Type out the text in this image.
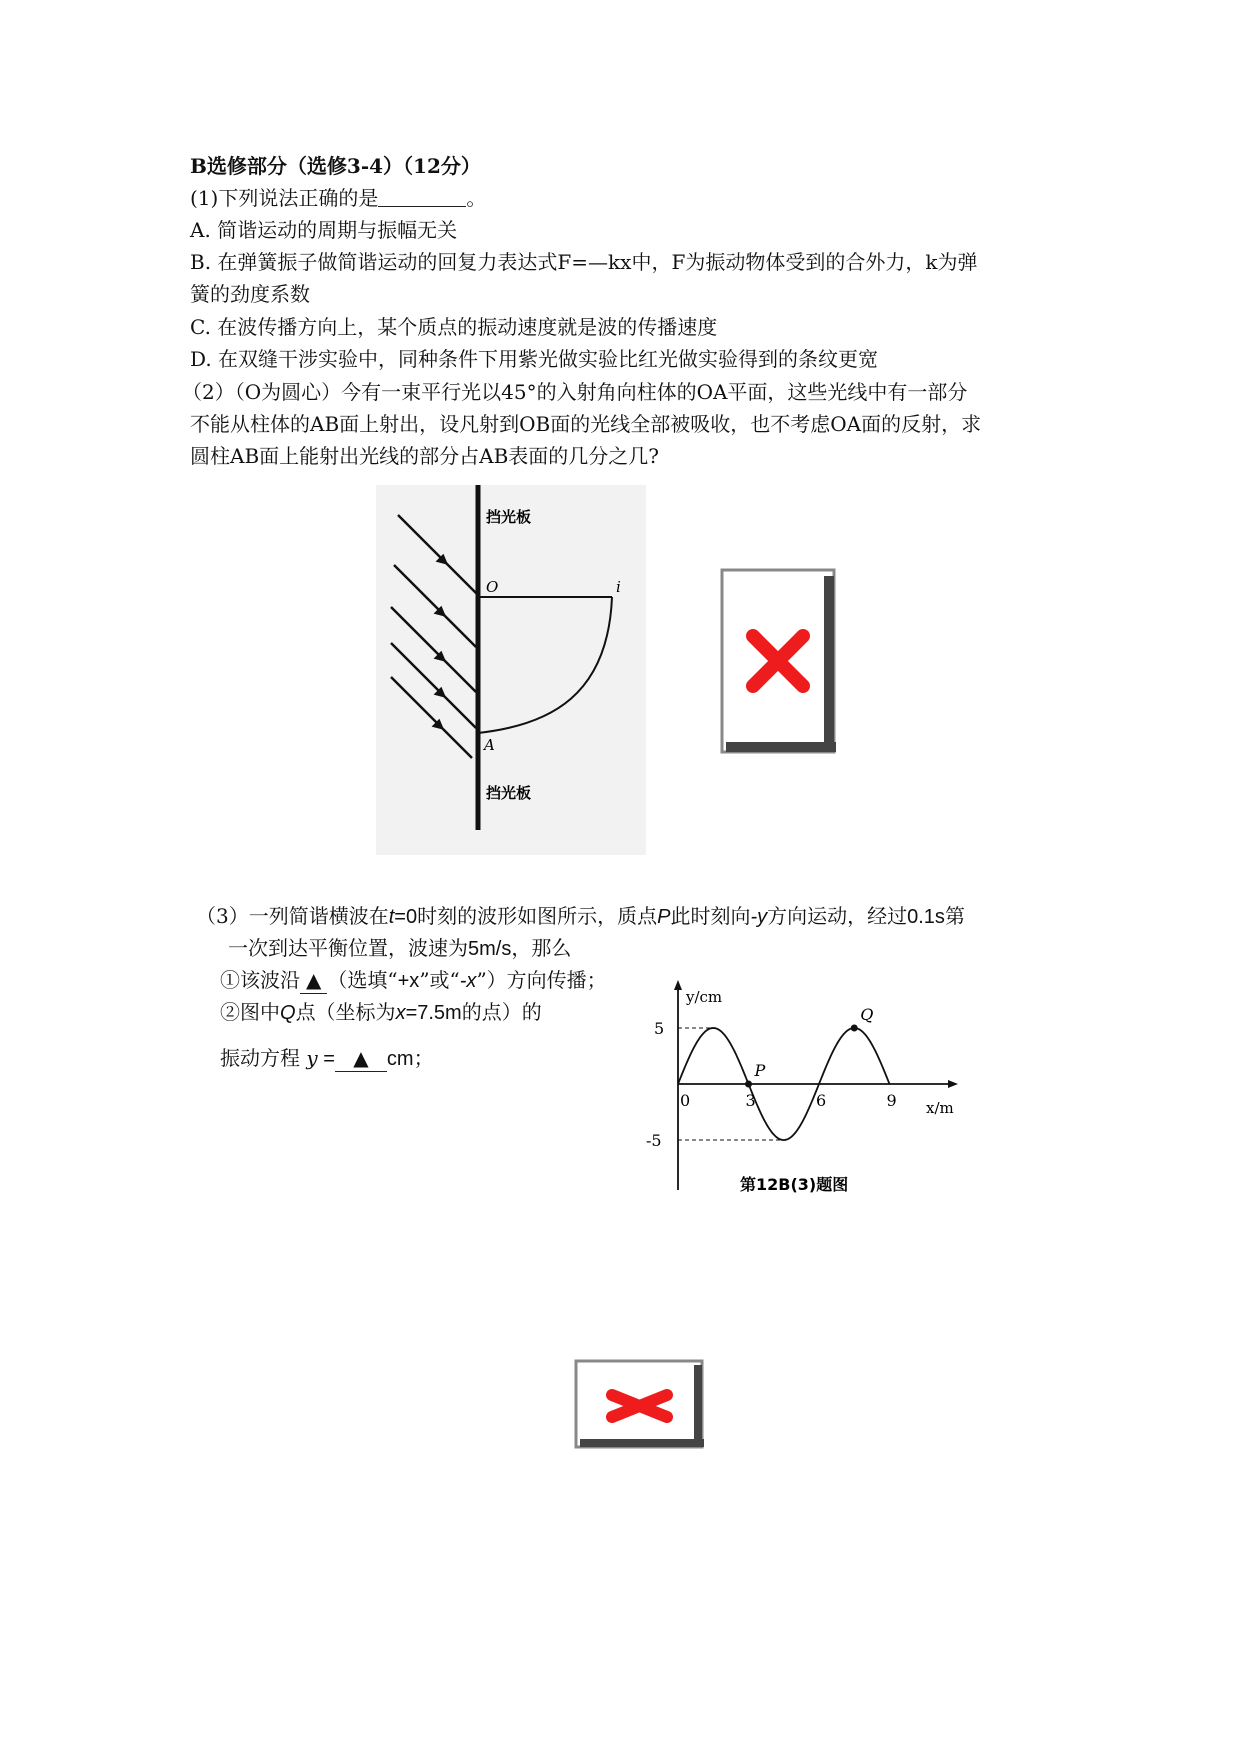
B选修部分（选修3-4）（12分）
(1)下列说法正确的是	。
A. 简谐运动的周期与振幅无关
B. 在弹簧振子做简谐运动的回复力表达式F=—kx中，F为振动物体受到的合外力，k为弹
簧的劲度系数
C. 在波传播方向上，某个质点的振动速度就是波的传播速度
D. 在双缝干涉实验中，同种条件下用紫光做实验比红光做实验得到的条纹更宽
（2）（O为圆心）今有一束平行光以45°的入射角向柱体的OA平面，这些光线中有一部分
不能从柱体的AB面上射出，设凡射到OB面的光线全部被吸收，也不考虑OA面的反射，求
圆柱AB面上能射出光线的部分占AB表面的几分之几?
挡光板
O	i
A
挡光板
（3）一列简谐横波在t=0时刻的波形如图所示，质点P此时刻向-y方向运动，经过0.1s第
一次到达平衡位置，波速为5m/s，那么
①该波沿 ▲ （选填“+x”或“-x”）方向传播；
②图中Q点（坐标为x=7.5m的点）的
振动方程 y = ▲ cm；
0	3	6	9
5
-5
P
Q
y/cm
x/m
第12B(3)题图
